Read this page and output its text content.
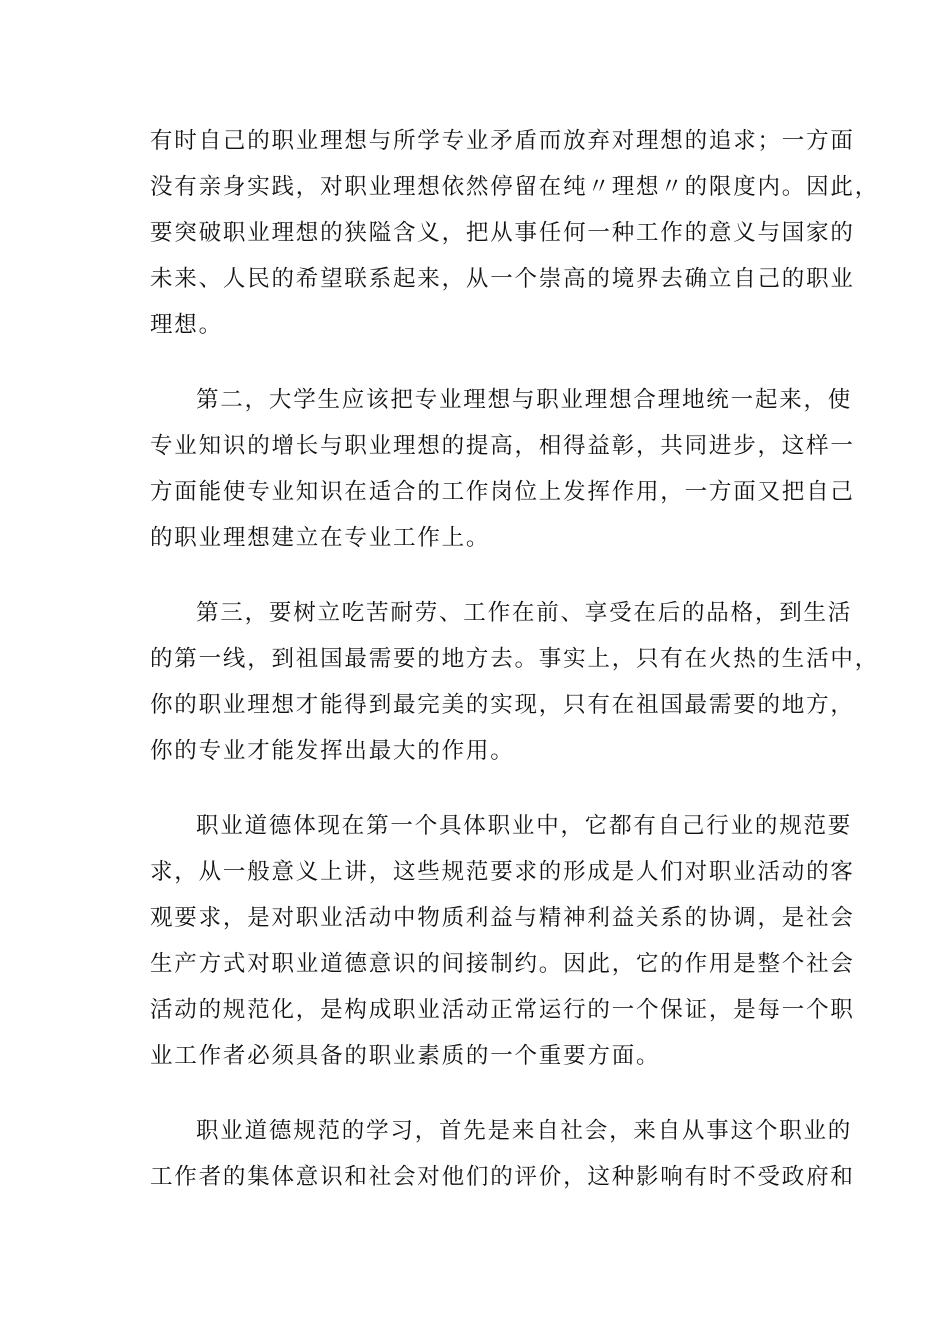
有时自己的职业理想与所学专业矛盾而放弃对理想的追求；一方面
没有亲身实践，对职业理想依然停留在纯〃理想〃的限度内。因此，
要突破职业理想的狭隘含义，把从事任何一种工作的意义与国家的
未来、人民的希望联系起来，从一个崇高的境界去确立自己的职业
理想。
第二，大学生应该把专业理想与职业理想合理地统一起来，使
专业知识的增长与职业理想的提高，相得益彰，共同进步，这样一
方面能使专业知识在适合的工作岗位上发挥作用，一方面又把自己
的职业理想建立在专业工作上。
第三，要树立吃苦耐劳、工作在前、享受在后的品格，到生活
的第一线，到祖国最需要的地方去。事实上，只有在火热的生活中，
你的职业理想才能得到最完美的实现，只有在祖国最需要的地方，
你的专业才能发挥出最大的作用。
职业道德体现在第一个具体职业中，它都有自己行业的规范要
求，从一般意义上讲，这些规范要求的形成是人们对职业活动的客
观要求，是对职业活动中物质利益与精神利益关系的协调，是社会
生产方式对职业道德意识的间接制约。因此，它的作用是整个社会
活动的规范化，是构成职业活动正常运行的一个保证，是每一个职
业工作者必须具备的职业素质的一个重要方面。
职业道德规范的学习，首先是来自社会，来自从事这个职业的
工作者的集体意识和社会对他们的评价，这种影响有时不受政府和
